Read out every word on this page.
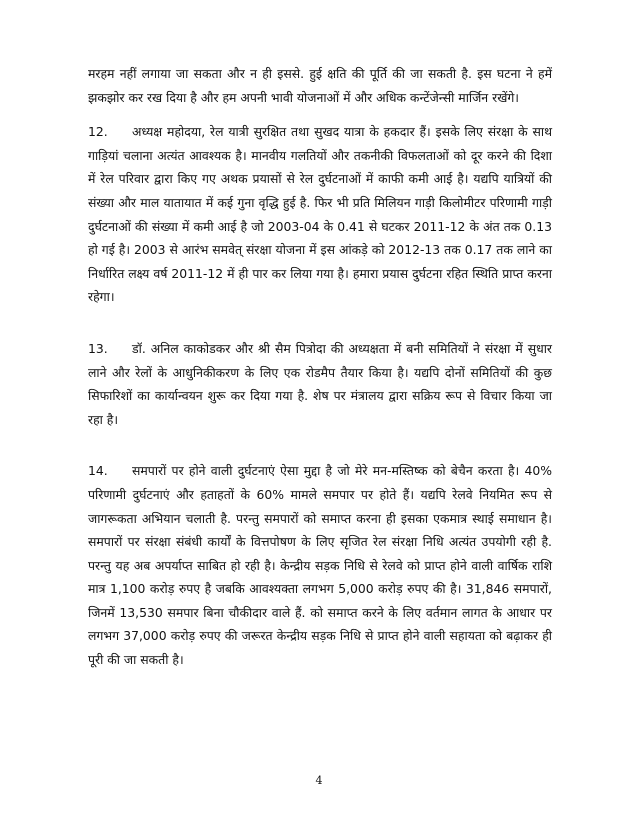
मरहम नहीं लगाया जा सकता और न ही इससे. हुई क्षति की पूर्ति की जा सकती है. इस घटना ने हमें झकझोर कर रख दिया है और हम अपनी भावी योजनाओं में और अधिक कन्टेंजेन्सी मार्जिन रखेंगे।

12. अध्यक्ष महोदया, रेल यात्री सुरक्षित तथा सुखद यात्रा के हकदार हैं। इसके लिए संरक्षा के साथ गाड़ियां चलाना अत्यंत आवश्यक है। मानवीय गलतियों और तकनीकी विफलताओं को दूर करने की दिशा में रेल परिवार द्वारा किए गए अथक प्रयासों से रेल दुर्घटनाओं में काफी कमी आई है। यद्यपि यात्रियों की संख्या और माल यातायात में कई गुना वृद्धि हुई है. फिर भी प्रति मिलियन गाड़ी किलोमीटर परिणामी गाड़ी दुर्घटनाओं की संख्या में कमी आई है जो 2003-04 के 0.41 से घटकर 2011-12 के अंत तक 0.13 हो गई है। 2003 से आरंभ समवेत् संरक्षा योजना में इस आंकड़े को 2012-13 तक 0.17 तक लाने का निर्धारित लक्ष्य वर्ष 2011-12 में ही पार कर लिया गया है। हमारा प्रयास दुर्घटना रहित स्थिति प्राप्त करना रहेगा।

13. डॉ. अनिल काकोडकर और श्री सैम पित्रोदा की अध्यक्षता में बनी समितियों ने संरक्षा में सुधार लाने और रेलों के आधुनिकीकरण के लिए एक रोडमैप तैयार किया है। यद्यपि दोनों समितियों की कुछ सिफारिशों का कार्यान्वयन शुरू कर दिया गया है. शेष पर मंत्रालय द्वारा सक्रिय रूप से विचार किया जा रहा है।

14. समपारों पर होने वाली दुर्घटनाएं ऐसा मुद्दा है जो मेरे मन-मस्तिष्क को बेचैन करता है। 40% परिणामी दुर्घटनाएं और हताहतों के 60% मामले समपार पर होते हैं। यद्यपि रेलवे नियमित रूप से जागरूकता अभियान चलाती है. परन्तु समपारों को समाप्त करना ही इसका एकमात्र स्थाई समाधान है। समपारों पर संरक्षा संबंधी कार्यों के वित्तपोषण के लिए सृजित रेल संरक्षा निधि अत्यंत उपयोगी रही है. परन्तु यह अब अपर्याप्त साबित हो रही है। केन्द्रीय सड़क निधि से रेलवे को प्राप्त होने वाली वार्षिक राशि मात्र 1,100 करोड़ रुपए है जबकि आवश्यक्ता लगभग 5,000 करोड़ रुपए की है। 31,846 समपारों, जिनमें 13,530 समपार बिना चौकीदार वाले हैं. को समाप्त करने के लिए वर्तमान लागत के आधार पर लगभग 37,000 करोड़ रुपए की जरूरत केन्द्रीय सड़क निधि से प्राप्त होने वाली सहायता को बढ़ाकर ही पूरी की जा सकती है।

4
